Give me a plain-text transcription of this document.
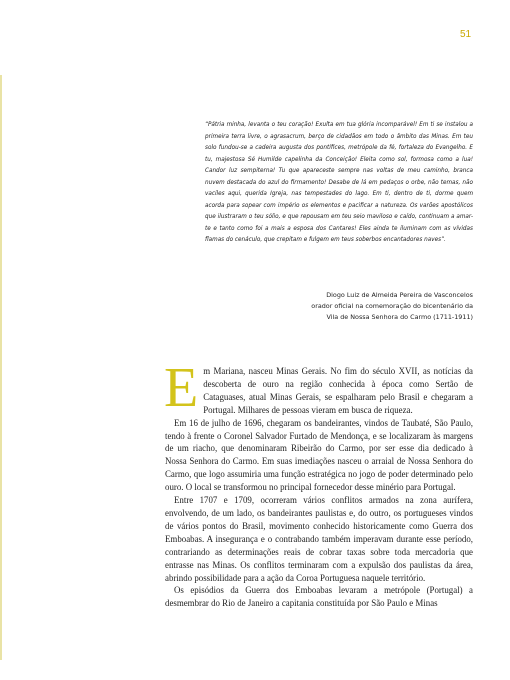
51
“Pátria minha, levanta o teu coração! Exulta em tua glória incomparável! Em ti se instalou a primeira terra livre, o agrasacrum, berço de cidadãos em todo o âmbito das Minas. Em teu solo fundou-se a cadeira augusta dos pontífices, metrópole da fé, fortaleza do Evangelho. E tu, majestosa Sé Humilde capelinha da Conceição! Eleita como sol, formosa como a lua! Candor luz sempiterna! Tu que apareceste sempre nas voltas de meu caminho, branca nuvem destacada do azul do firmamento! Desabe de lá em pedaços o orbe, não temas, não vaciles aqui, querida Igreja, nas tempestades do lago. Em ti, dentro de ti, dorme quem acorda para sopear com império os elementos e pacificar a natureza. Os varões apostólicos que ilustraram o teu sólio, e que repousam em teu seio maviloso e caído, continuam a amar-te e tanto como foi a mais a esposa dos Cantares! Eles ainda te iluminam com as vívidas flamas do cenáculo, que crepitam e fulgem em teus soberbos encantadores naves”.
Diogo Luiz de Almeida Pereira de Vasconcelos
orador oficial na comemoração do bicentenário da
Vila de Nossa Senhora do Carmo (1711-1911)
E m Mariana, nasceu Minas Gerais. No fim do século XVII, as notícias da descoberta de ouro na região conhecida à época como Sertão de Cataguases, atual Minas Gerais, se espalharam pelo Brasil e chegaram a Portugal. Milhares de pessoas vieram em busca de riqueza.

Em 16 de julho de 1696, chegaram os bandeirantes, vindos de Taubaté, São Paulo, tendo à frente o Coronel Salvador Furtado de Mendonça, e se localizaram às margens de um riacho, que denominaram Ribeirão do Carmo, por ser esse dia dedicado à Nossa Senhora do Carmo. Em suas imediações nasceu o arraial de Nossa Senhora do Carmo, que logo assumiria uma função estratégica no jogo de poder determinado pelo ouro. O local se transformou no principal fornecedor desse minério para Portugal.

Entre 1707 e 1709, ocorreram vários conflitos armados na zona aurífera, envolvendo, de um lado, os bandeirantes paulistas e, do outro, os portugueses vindos de vários pontos do Brasil, movimento conhecido historicamente como Guerra dos Emboabas. A insegurança e o contrabando também imperavam durante esse período, contrariando as determinações reais de cobrar taxas sobre toda mercadoria que entrasse nas Minas. Os conflitos terminaram com a expulsão dos paulistas da área, abrindo possibilidade para a ação da Coroa Portuguesa naquele território.

Os episódios da Guerra dos Emboabas levaram a metrópole (Portugal) a desmembrar do Rio de Janeiro a capitania constituída por São Paulo e Minas
